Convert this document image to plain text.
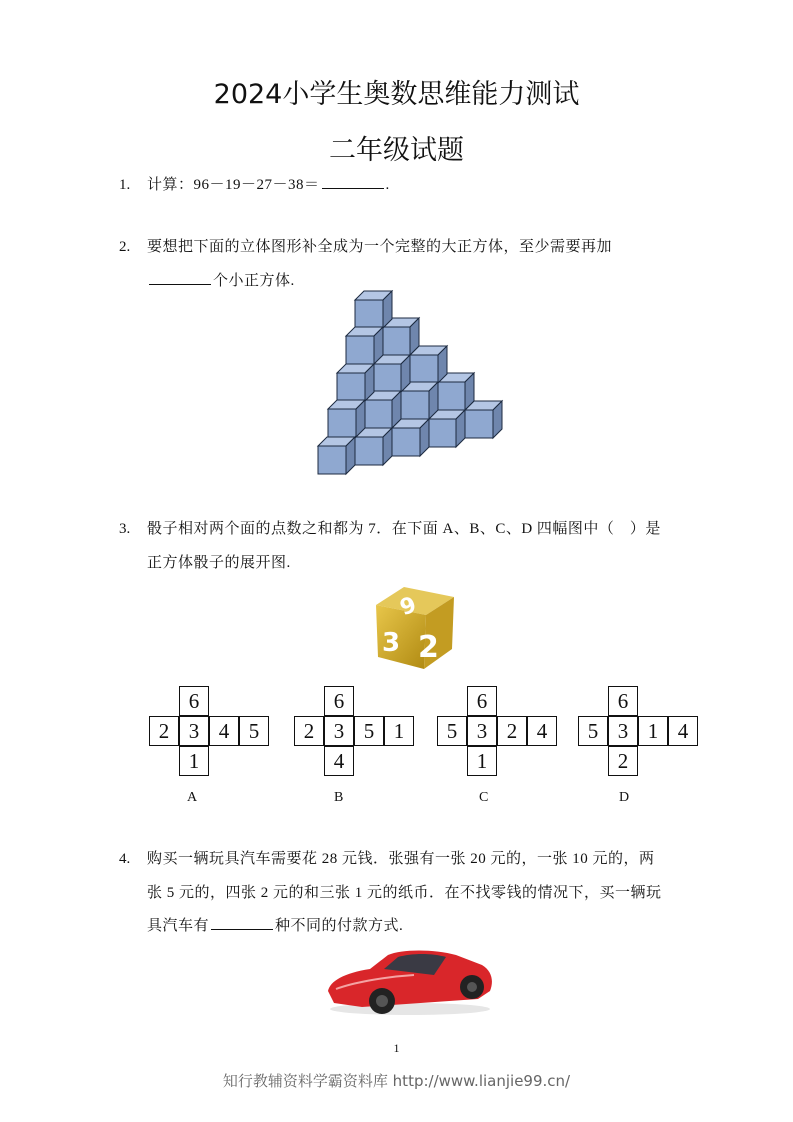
2024小学生奥数思维能力测试
二年级试题
1. 计算：96－19－27－38＝	.
2. 要想把下面的立体图形补全成为一个完整的大正方体，至少需要再加
个小正方体.
3. 骰子相对两个面的点数之和都为 7．在下面 A、B、C、D 四幅图中（　）是
正方体骰子的展开图.
6
3 2
6
2 3 4 5
1
A
6
2 3 5 1
4
B
6
5 3 2 4
1
C
6
5 3 1 4
2
D
4. 购买一辆玩具汽车需要花 28 元钱．张强有一张 20 元的，一张 10 元的，两
张 5 元的，四张 2 元的和三张 1 元的纸币．在不找零钱的情况下，买一辆玩
具汽车有	种不同的付款方式.
1
知行教辅资料学霸资料库 http://www.lianjie99.cn/
